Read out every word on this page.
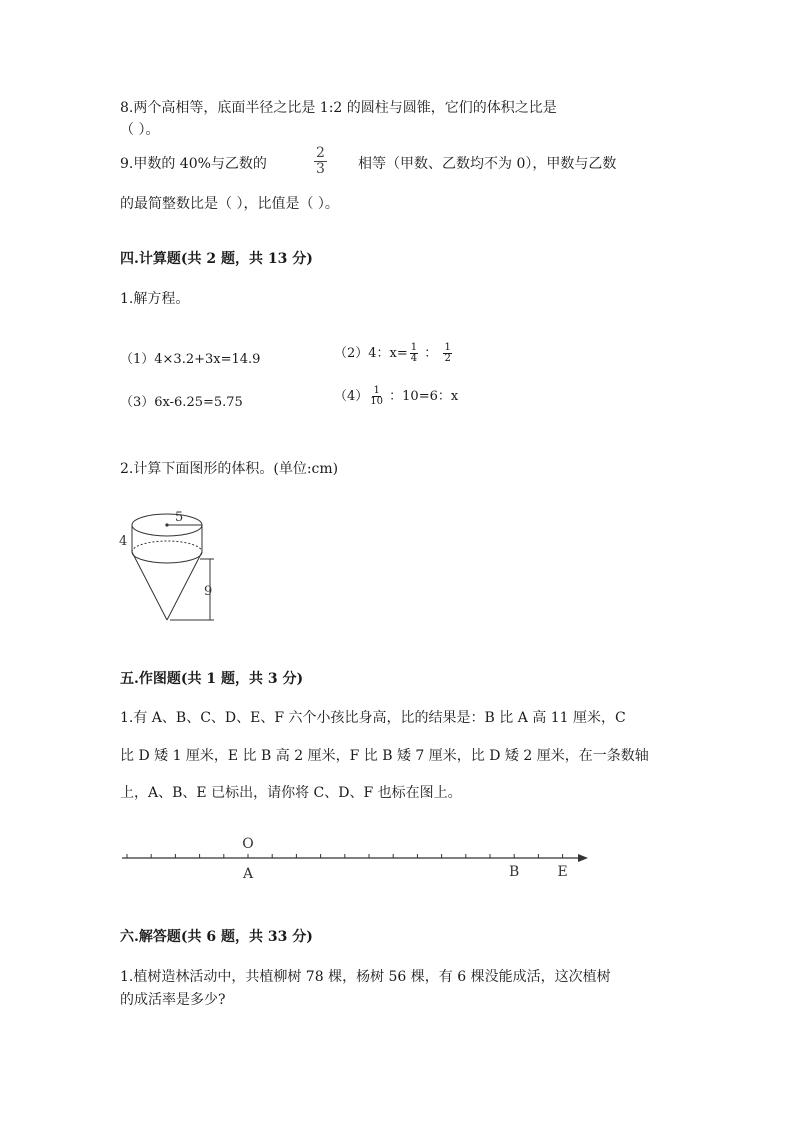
8.两个高相等，底面半径之比是 1:2 的圆柱与圆锥，它们的体积之比是
（ ）。
9.甲数的 40%与乙数的	$\frac{2}{3}$ 相等（甲数、乙数均不为 0），甲数与乙数
的最简整数比是（ ），比值是（ ）。
四.计算题(共 2 题，共 13 分)
1.解方程。
（1）4×3.2+3x=14.9	（2）4：$x= \frac{1}{4}$ ： $\frac{1}{2}$
（3）6x-6.25=5.75	$(4) \frac{1}{10}$ ：10=6：x
2.计算下面图形的体积。(单位:cm)
5
4
9
五.作图题(共 1 题，共 3 分)
1.有 A、B、C、D、E、F 六个小孩比身高，比的结果是：B 比 A 高 11 厘米，C
比 D 矮 1 厘米，E 比 B 高 2 厘米，F 比 B 矮 7 厘米，比 D 矮 2 厘米，在一条数轴
上，A、B、E 已标出，请你将 C、D、F 也标在图上。
O
A	B	E
六.解答题(共 6 题，共 33 分)
1.植树造林活动中，共植柳树 78 棵，杨树 56 棵，有 6 棵没能成活，这次植树
的成活率是多少?
